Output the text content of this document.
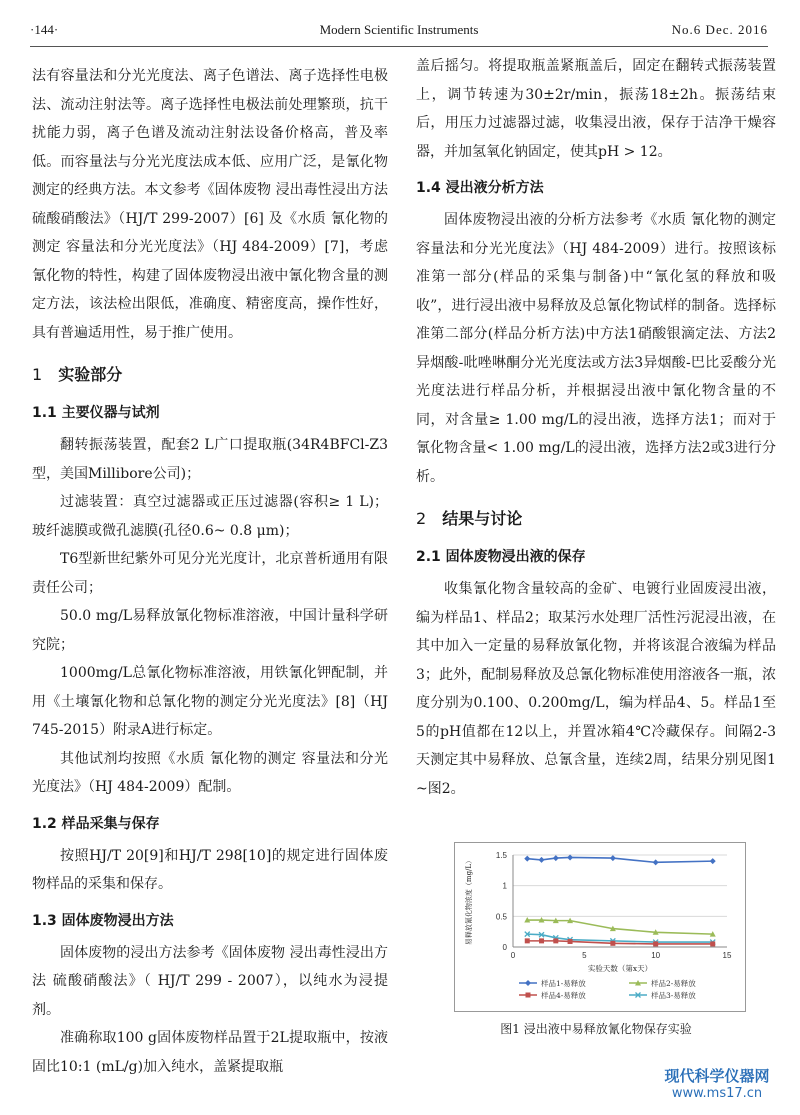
·144·	Modern Scientific Instruments	No.6 Dec. 2016

法有容量法和分光光度法、离子色谱法、离子选择性电极法、流动注射法等。离子选择性电极法前处理繁琐，抗干扰能力弱，离子色谱及流动注射法设备价格高，普及率低。而容量法与分光光度法成本低、应用广泛，是氰化物测定的经典方法。本文参考《固体废物 浸出毒性浸出方法 硫酸硝酸法》（HJ/T 299-2007）[6] 及《水质 氰化物的测定 容量法和分光光度法》（HJ 484-2009）[7]，考虑氰化物的特性，构建了固体废物浸出液中氰化物含量的测定方法，该法检出限低，准确度、精密度高，操作性好，具有普遍适用性，易于推广使用。

1 实验部分
1.1 主要仪器与试剂

翻转振荡装置，配套2 L广口提取瓶(34R4BFCl-Z3型，美国Millibore公司)；

过滤装置：真空过滤器或正压过滤器(容积≥ 1 L)；玻纤滤膜或微孔滤膜(孔径0.6~ 0.8 μm)；

T6型新世纪紫外可见分光光度计，北京普析通用有限责任公司；

50.0 mg/L易释放氰化物标准溶液，中国计量科学研究院；

1000mg/L总氰化物标准溶液，用铁氰化钾配制，并用《土壤氰化物和总氰化物的测定分光光度法》[8]（HJ 745-2015）附录A进行标定。

其他试剂均按照《水质 氰化物的测定 容量法和分光光度法》（HJ 484-2009）配制。

1.2 样品采集与保存

按照HJ/T 20[9]和HJ/T 298[10]的规定进行固体废物样品的采集和保存。

1.3 固体废物浸出方法

固体废物的浸出方法参考《固体废物 浸出毒性浸出方法 硫酸硝酸法》（ HJ/T 299 - 2007），以纯水为浸提剂。

准确称取100 g固体废物样品置于2L提取瓶中，按液固比10:1 (mL/g)加入纯水，盖紧提取瓶

盖后摇匀。将提取瓶盖紧瓶盖后，固定在翻转式振荡装置上，调节转速为30±2r/min，振荡18±2h。振荡结束后，用压力过滤器过滤，收集浸出液，保存于洁净干燥容器，并加氢氧化钠固定，使其pH > 12。

1.4 浸出液分析方法

固体废物浸出液的分析方法参考《水质 氰化物的测定 容量法和分光光度法》（HJ 484-2009）进行。按照该标准第一部分(样品的采集与制备)中“氰化氢的释放和吸收”，进行浸出液中易释放及总氰化物试样的制备。选择标准第二部分(样品分析方法)中方法1硝酸银滴定法、方法2异烟酸-吡唑啉酮分光光度法或方法3异烟酸-巴比妥酸分光光度法进行样品分析，并根据浸出液中氰化物含量的不同，对含量≥ 1.00 mg/L的浸出液，选择方法1；而对于氰化物含量< 1.00 mg/L的浸出液，选择方法2或3进行分析。

2 结果与讨论
2.1 固体废物浸出液的保存

收集氰化物含量较高的金矿、电镀行业固废浸出液，编为样品1、样品2；取某污水处理厂活性污泥浸出液，在其中加入一定量的易释放氰化物，并将该混合液编为样品3；此外，配制易释放及总氰化物标准使用溶液各一瓶，浓度分别为0.100、0.200mg/L，编为样品4、5。样品1至5的pH值都在12以上，并置冰箱4℃冷藏保存。间隔2-3天测定其中易释放、总氰含量，连续2周，结果分别见图1 ~图2。

0
0.5
1
1.5
0	5	10	15
实验天数（第x天）
易释放氰化物浓度（mg/L）
样品1-易释放	样品2-易释放
样品4-易释放	样品3-易释放
图1 浸出液中易释放氰化物保存实验
现代科学仪器网
www.ms17.cn
